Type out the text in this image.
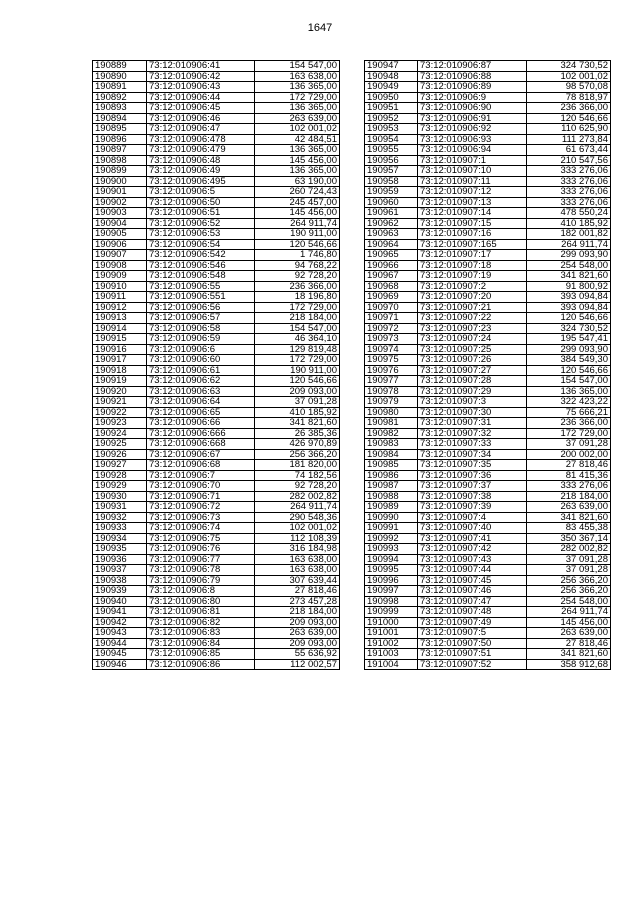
1647
190889	73:12:010906:41	154 547,00
190890	73:12:010906:42	163 638,00
190891	73:12:010906:43	136 365,00
190892	73:12:010906:44	172 729,00
190893	73:12:010906:45	136 365,00
190894	73:12:010906:46	263 639,00
190895	73:12:010906:47	102 001,02
190896	73:12:010906:478	42 484,51
190897	73:12:010906:479	136 365,00
190898	73:12:010906:48	145 456,00
190899	73:12:010906:49	136 365,00
190900	73:12:010906:495	63 190,00
190901	73:12:010906:5	260 724,43
190902	73:12:010906:50	245 457,00
190903	73:12:010906:51	145 456,00
190904	73:12:010906:52	264 911,74
190905	73:12:010906:53	190 911,00
190906	73:12:010906:54	120 546,66
190907	73:12:010906:542	1 746,80
190908	73:12:010906:546	94 768,22
190909	73:12:010906:548	92 728,20
190910	73:12:010906:55	236 366,00
190911	73:12:010906:551	18 196,80
190912	73:12:010906:56	172 729,00
190913	73:12:010906:57	218 184,00
190914	73:12:010906:58	154 547,00
190915	73:12:010906:59	46 364,10
190916	73:12:010906:6	129 819,48
190917	73:12:010906:60	172 729,00
190918	73:12:010906:61	190 911,00
190919	73:12:010906:62	120 546,66
190920	73:12:010906:63	209 093,00
190921	73:12:010906:64	37 091,28
190922	73:12:010906:65	410 185,92
190923	73:12:010906:66	341 821,60
190924	73:12:010906:666	26 385,36
190925	73:12:010906:668	426 970,89
190926	73:12:010906:67	256 366,20
190927	73:12:010906:68	181 820,00
190928	73:12:010906:7	74 182,56
190929	73:12:010906:70	92 728,20
190930	73:12:010906:71	282 002,82
190931	73:12:010906:72	264 911,74
190932	73:12:010906:73	290 548,36
190933	73:12:010906:74	102 001,02
190934	73:12:010906:75	112 108,39
190935	73:12:010906:76	316 184,98
190936	73:12:010906:77	163 638,00
190937	73:12:010906:78	163 638,00
190938	73:12:010906:79	307 639,44
190939	73:12:010906:8	27 818,46
190940	73:12:010906:80	273 457,28
190941	73:12:010906:81	218 184,00
190942	73:12:010906:82	209 093,00
190943	73:12:010906:83	263 639,00
190944	73:12:010906:84	209 093,00
190945	73:12:010906:85	55 636,92
190946	73:12:010906:86	112 002,57
190947	73:12:010906:87	324 730,52
190948	73:12:010906:88	102 001,02
190949	73:12:010906:89	98 570,08
190950	73:12:010906:9	78 818,97
190951	73:12:010906:90	236 366,00
190952	73:12:010906:91	120 546,66
190953	73:12:010906:92	110 625,90
190954	73:12:010906:93	111 273,84
190955	73:12:010906:94	61 673,44
190956	73:12:010907:1	210 547,56
190957	73:12:010907:10	333 276,06
190958	73:12:010907:11	333 276,06
190959	73:12:010907:12	333 276,06
190960	73:12:010907:13	333 276,06
190961	73:12:010907:14	478 550,24
190962	73:12:010907:15	410 185,92
190963	73:12:010907:16	182 001,82
190964	73:12:010907:165	264 911,74
190965	73:12:010907:17	299 093,90
190966	73:12:010907:18	254 548,00
190967	73:12:010907:19	341 821,60
190968	73:12:010907:2	91 800,92
190969	73:12:010907:20	393 094,84
190970	73:12:010907:21	393 094,84
190971	73:12:010907:22	120 546,66
190972	73:12:010907:23	324 730,52
190973	73:12:010907:24	195 547,41
190974	73:12:010907:25	299 093,90
190975	73:12:010907:26	384 549,30
190976	73:12:010907:27	120 546,66
190977	73:12:010907:28	154 547,00
190978	73:12:010907:29	136 365,00
190979	73:12:010907:3	322 423,22
190980	73:12:010907:30	75 666,21
190981	73:12:010907:31	236 366,00
190982	73:12:010907:32	172 729,00
190983	73:12:010907:33	37 091,28
190984	73:12:010907:34	200 002,00
190985	73:12:010907:35	27 818,46
190986	73:12:010907:36	81 415,36
190987	73:12:010907:37	333 276,06
190988	73:12:010907:38	218 184,00
190989	73:12:010907:39	263 639,00
190990	73:12:010907:4	341 821,60
190991	73:12:010907:40	83 455,38
190992	73:12:010907:41	350 367,14
190993	73:12:010907:42	282 002,82
190994	73:12:010907:43	37 091,28
190995	73:12:010907:44	37 091,28
190996	73:12:010907:45	256 366,20
190997	73:12:010907:46	256 366,20
190998	73:12:010907:47	254 548,00
190999	73:12:010907:48	264 911,74
191000	73:12:010907:49	145 456,00
191001	73:12:010907:5	263 639,00
191002	73:12:010907:50	27 818,46
191003	73:12:010907:51	341 821,60
191004	73:12:010907:52	358 912,68
